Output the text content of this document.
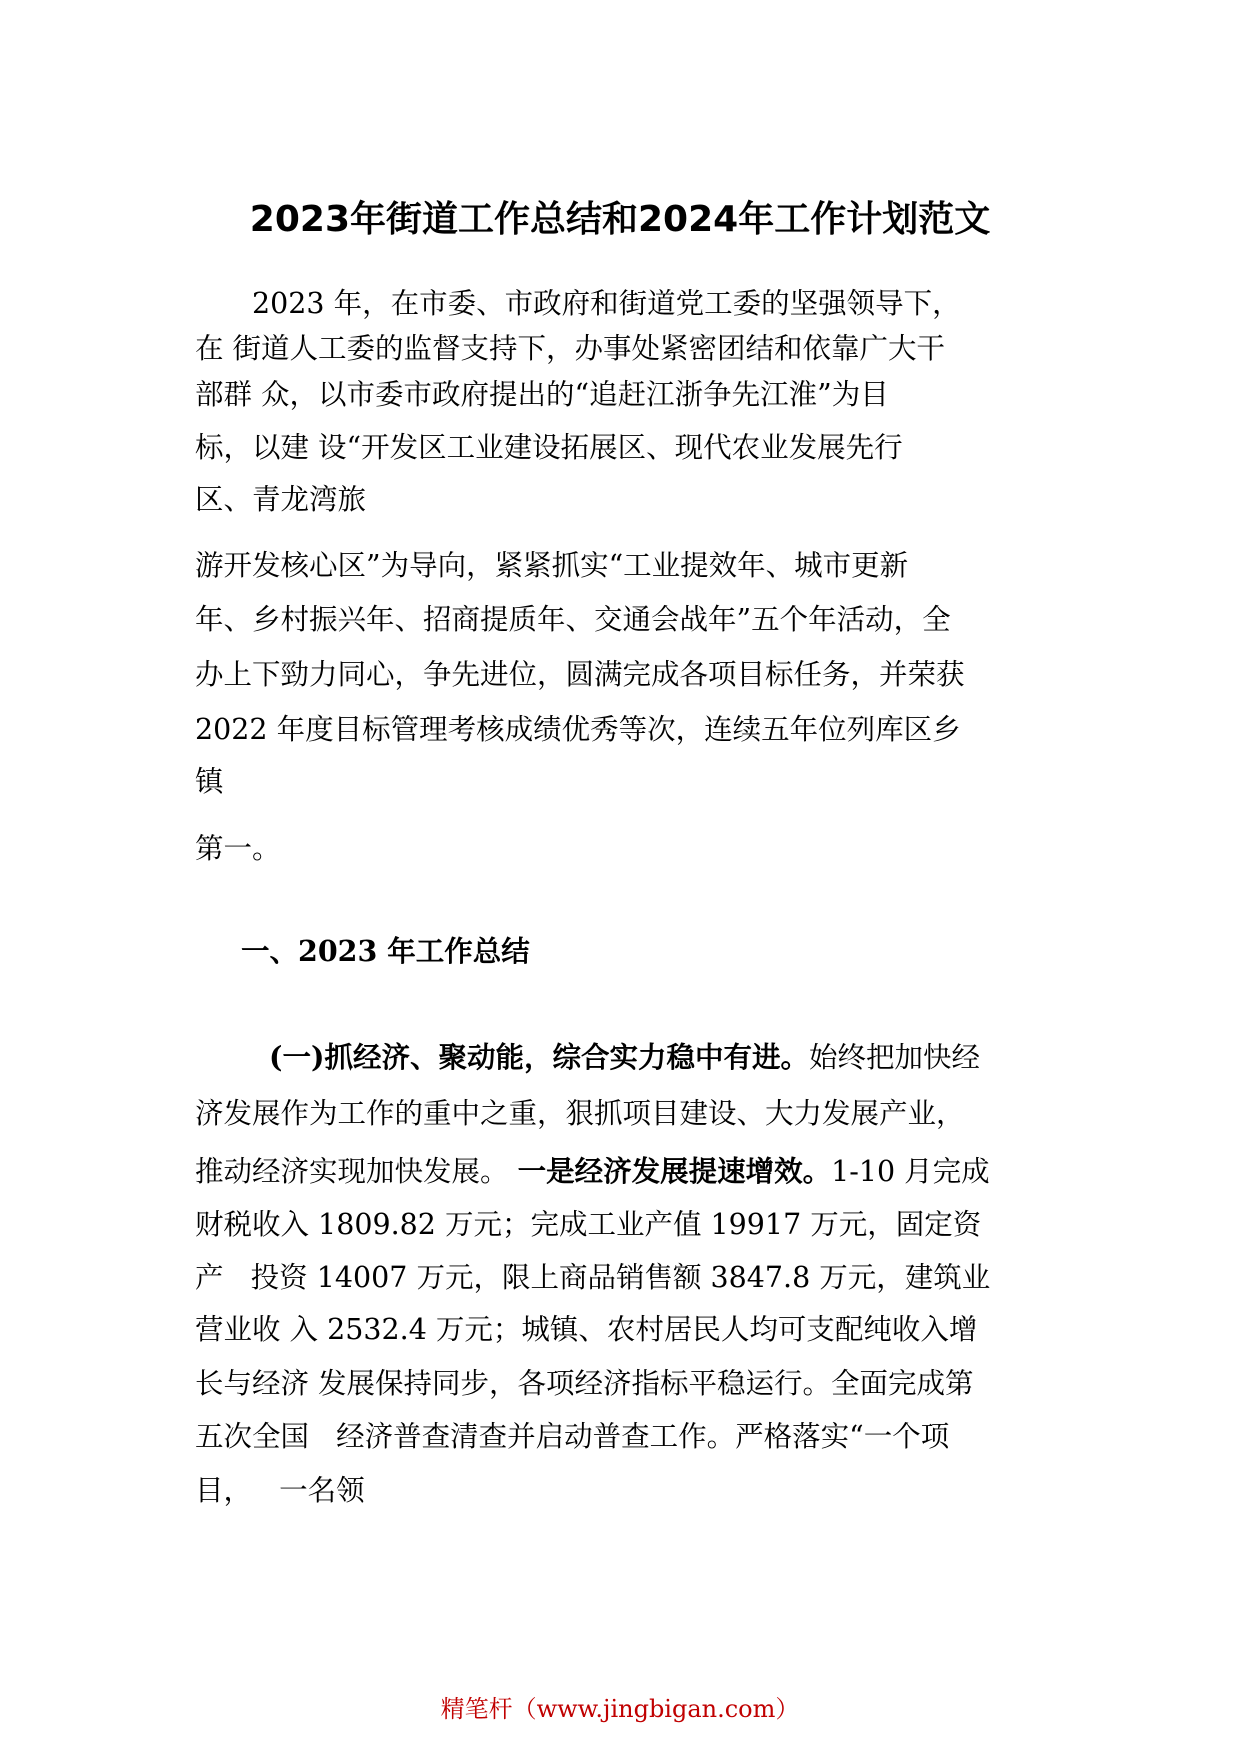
2023年街道工作总结和2024年工作计划范文
　　2023 年，在市委、市政府和街道党工委的坚强领导下，
在 街道人工委的监督支持下，办事处紧密团结和依靠广大干
部群 众，以市委市政府提出的“追赶江浙争先江淮”为目
标，以建 设“开发区工业建设拓展区、现代农业发展先行
区、青龙湾旅
游开发核心区”为导向，紧紧抓实“工业提效年、城市更新
年、乡村振兴年、招商提质年、交通会战年”五个年活动，全
办上下勁力同心，争先进位，圆满完成各项目标任务，并荣获
2022 年度目标管理考核成绩优秀等次，连续五年位列库区乡
镇
第一。
一、2023 年工作总结
(一)抓经济、聚动能，综合实力稳中有进。始终把加快经
济发展作为工作的重中之重，狠抓项目建设、大力发展产业，
推动经济实现加快发展。 一是经济发展提速增效。1-10 月完成
财税收入 1809.82 万元；完成工业产值 19917 万元，固定资
产   投资 14007 万元，限上商品销售额 3847.8 万元，建筑业
营业收 入 2532.4 万元；城镇、农村居民人均可支配纯收入增
长与经济 发展保持同步，各项经济指标平稳运行。全面完成第
五次全国   经济普查清查并启动普查工作。严格落实“一个项
目，   一名领
精笔杆（www.jingbigan.com）
